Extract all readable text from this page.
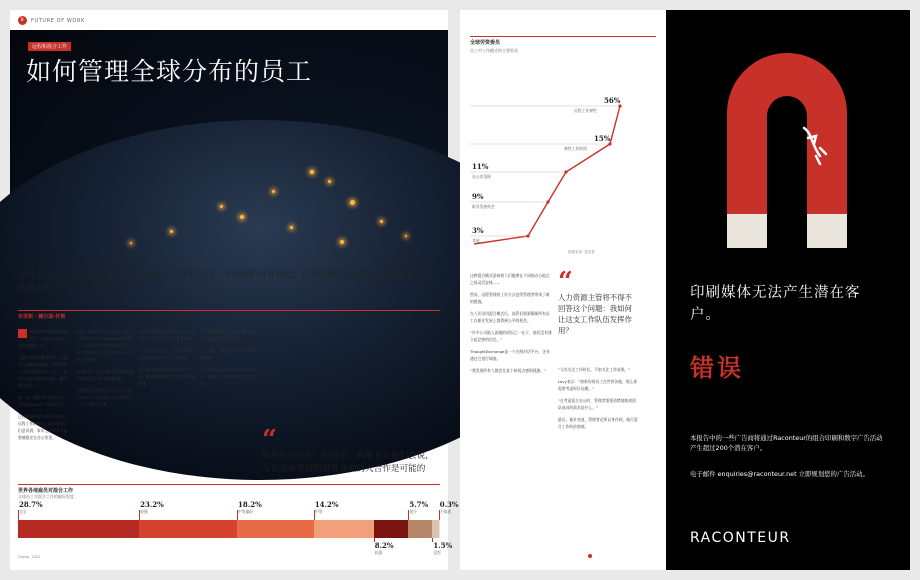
8	FUTURE OF WORK
远程和混合工作
如何管理全球分布的员工
远程工作政策使得企业能够招募全球最有才华的人才。不论他们身在何处。但是如何充分发挥这些远程工作者的潜力则是一个不同的挑战
布里斯 · 鲍尔温-怀斯

就全球劳动市场的发展而言，2020年真可以说是关键的一年。

大流行带来了就业冲击，在很多人被裁员的同时，也有很多人开始以远程方式工作，工作可以在任何地方完成这一概念随之普及。

同一年，国际劳工组织估计，全球有8000多人出现失业……

已经有越来越多企业认识到了远程工作的优势，同时也使人们意识到，事实上工作并不需要被限定在办公室里。

远程工作的优势十分明显。根据人力资源软件平台BambooHR的研究，采用远程工作的员工比在办公室工作的员工多出了每天约16分钟的工作时间。

如今职场人士在选择工作时越来越多地把灵活性视为关键因素。

“虽然完全远程的工作方式并不适合所有人，但它确实为企业开辟了一个巨大的人才库。”

雇主需要意识到远程员工的参与感与在办公室工作的员工并不相同。

不过对于雇主来说，招募全球员工也伴随着合规与管理上的挑战。

“企业如果希望吸引并留住顶尖人才，就需要提供具有竞争力的薪酬待遇。”

为了吸引远程员工，越来越多的企业开始提供灵活的福利。

另一方面，文化上的差异也可能导致误解。

“最好的做法是建立清晰的沟通规范，确保每个人都知道对方在期待什么。”

“
如果你对任何一位玩家，我敢肯定他们会说，与你从未见过的世界各地的人合作是可能的
世界各地雇员对混合工作
全球员工对混合工作的偏好程度
Gallup, 2022
28.7%
完全
23.2%
较强
18.2%
中等偏好
14.2%
中等
8.2%
较弱
5.7%
很少
1.5%
没有
0.3%
不知道
全球劳资委员
员工对工作模式的主要诉求
数据来源: 盖洛普

这种混合模式意味着人们能够在不同的办公地点之间灵活安排……

然而，远程管理的工作方式也给管理者带来了新的挑战。

在人们采用混合模式后，高管们需要确保所有员工在职业发展上都得到公平的机会。

“许多公司陷入困境的原因之一在于，他们没有建立起足够的信任。”

ThoughtExchange是一个在线对话平台，企业通过它进行调查。

“我发现所有人都会在某个时间点感到孤独。”

“
人力资源主管将不得不回答这个问题：我如何让这支工作队伍发挥作用？

“与其关注工作时长，不如关注工作成果。”

Levy表示：“如果你的员工在世界各地，那么你需要考虑时区问题。”

“在考虑混合办公时，管理者需要清楚地知道团队成员的需求是什么。”

最后，他补充道，管理者必须以身作则，践行混合工作的价值观。

印刷媒体无法产生潜在客户。
错误
本报告中的一些广告商将通过Raconteur的组合印刷和数字广告活动产生超过200个潜在客户。
电子邮件 enquiries@raconteur.net 立即规划您的广告活动。
RACONTEUR
56%
远程工作弹性
15%
弹性工作时间
11%
办公室氛围
9%
职业发展机会
3%
其他
